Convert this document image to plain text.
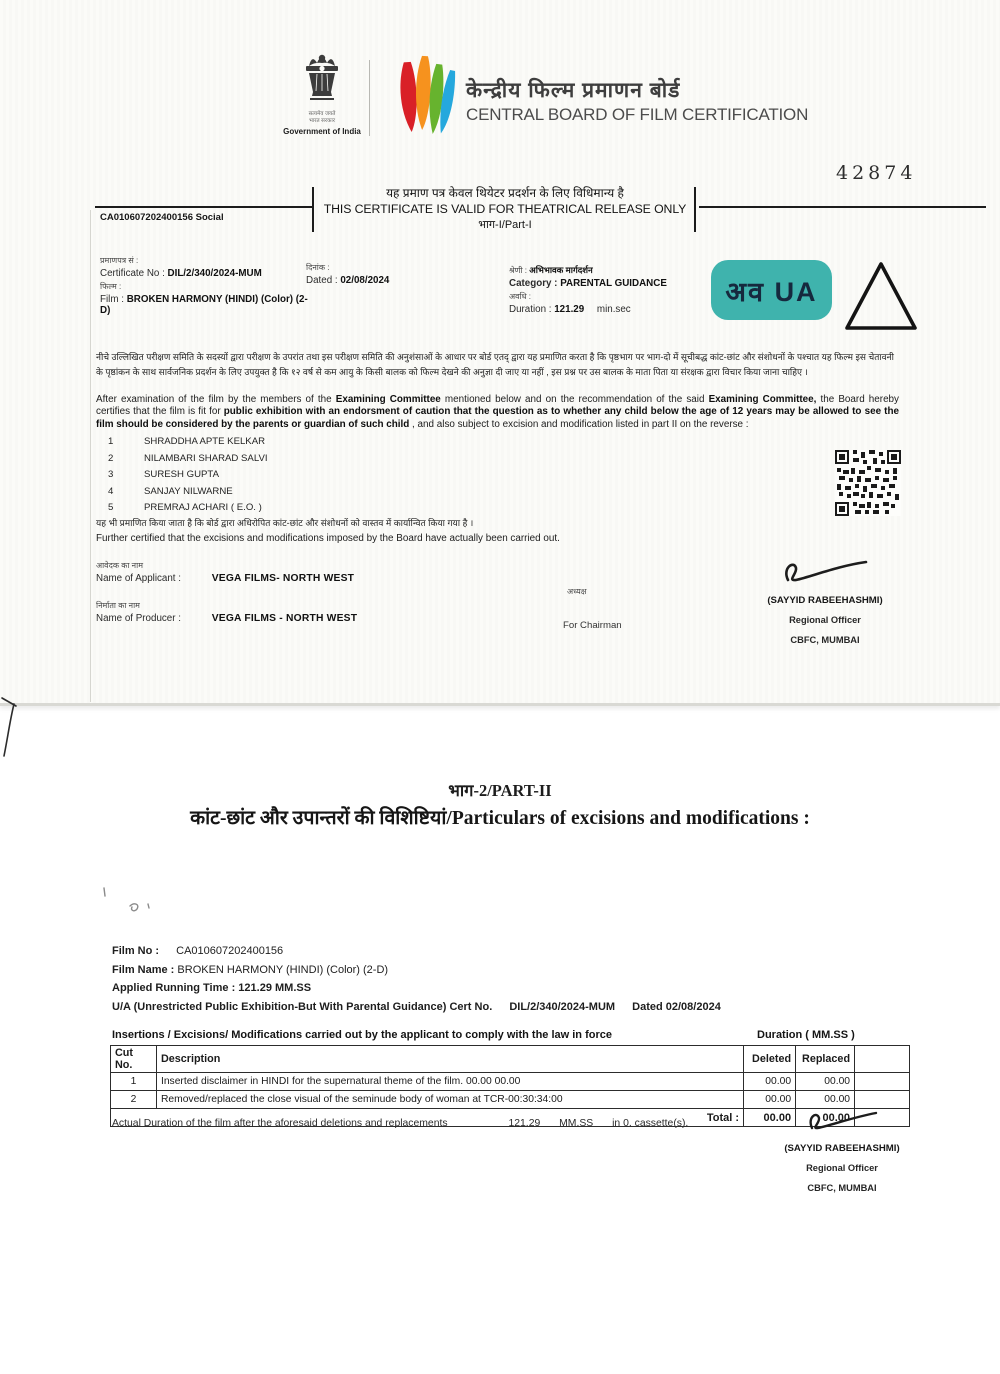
सत्यमेव जयते
भारत सरकार
Government of India
केन्द्रीय फिल्म प्रमाणन बोर्ड
CENTRAL BOARD OF FILM CERTIFICATION
42874
CA010607202400156 Social
यह प्रमाण पत्र केवल थियेटर प्रदर्शन के लिए विधिमान्य है
THIS CERTIFICATE IS VALID FOR THEATRICAL RELEASE ONLY
भाग-I/Part-I
प्रमाणपत्र सं :
Certificate No : DIL/2/340/2024-MUM
फिल्म :
Film : BROKEN HARMONY (HINDI) (Color) (2-D)
दिनांक :
Dated : 02/08/2024
श्रेणी : अभिभावक मार्गदर्शन
Category : PARENTAL GUIDANCE
अवधि :
Duration : 121.29 min.sec
अव UA
नीचे उल्लिखित परीक्षण समिति के सदस्यों द्वारा परीक्षण के उपरांत तथा इस परीक्षण समिति की अनुशंसाओं के आधार पर बोर्ड एतद् द्वारा यह प्रमाणित करता है कि पृष्ठभाग पर भाग-दो में सूचीबद्ध कांट-छांट और संशोधनों के पश्चात यह फिल्म इस चेतावनी के पृष्ठांकन के साथ सार्वजनिक प्रदर्शन के लिए उपयुक्त है कि १२ वर्ष से कम आयु के किसी बालक को फिल्म देखने की अनुज्ञा दी जाए या नहीं , इस प्रश्न पर उस बालक के माता पिता या संरक्षक द्वारा विचार किया जाना चाहिए ।
After examination of the film by the members of the Examining Committee mentioned below and on the recommendation of the said Examining Committee, the Board hereby certifies that the film is fit for public exhibition with an endorsment of caution that the question as to whether any child below the age of 12 years may be allowed to see the film should be considered by the parents or guardian of such child , and also subject to excision and modification listed in part II on the reverse :
1	SHRADDHA APTE KELKAR
2	NILAMBARI SHARAD SALVI
3	SURESH GUPTA
4	SANJAY NILWARNE
5	PREMRAJ ACHARI ( E.O. )
यह भी प्रमाणित किया जाता है कि बोर्ड द्वारा अधिरोपित कांट-छांट और संशोधनों को वास्तव में कार्यान्वित किया गया है ।
Further certified that the excisions and modifications imposed by the Board have actually been carried out.
आवेदक का नाम
Name of Applicant :	VEGA FILMS- NORTH WEST
निर्माता का नाम
Name of Producer :	VEGA FILMS - NORTH WEST
अध्यक्ष
For Chairman
(SAYYID RABEEHASHMI)
Regional Officer
CBFC, MUMBAI
भाग-2/PART-II
कांट-छांट और उपान्तरों की विशिष्टियां/Particulars of excisions and modifications :
Film No : CA010607202400156
Film Name : BROKEN HARMONY (HINDI) (Color) (2-D)
Applied Running Time : 121.29 MM.SS
U/A (Unrestricted Public Exhibition-But With Parental Guidance) Cert No. DIL/2/340/2024-MUM Dated 02/08/2024
Insertions / Excisions/ Modifications carried out by the applicant to comply with the law in force	Duration ( MM.SS )
Cut No.	Description	Deleted	Replaced	
1	Inserted disclaimer in HINDI for the supernatural theme of the film. 00.00 00.00	00.00	00.00	
2	Removed/replaced the close visual of the seminude body of woman at TCR-00:30:34:00	00.00	00.00	
Total :		00.00	00.00	
Actual Duration of the film after the aforesaid deletions and replacements	121.29 MM.SS in 0. cassette(s).
(SAYYID RABEEHASHMI)
Regional Officer
CBFC, MUMBAI
